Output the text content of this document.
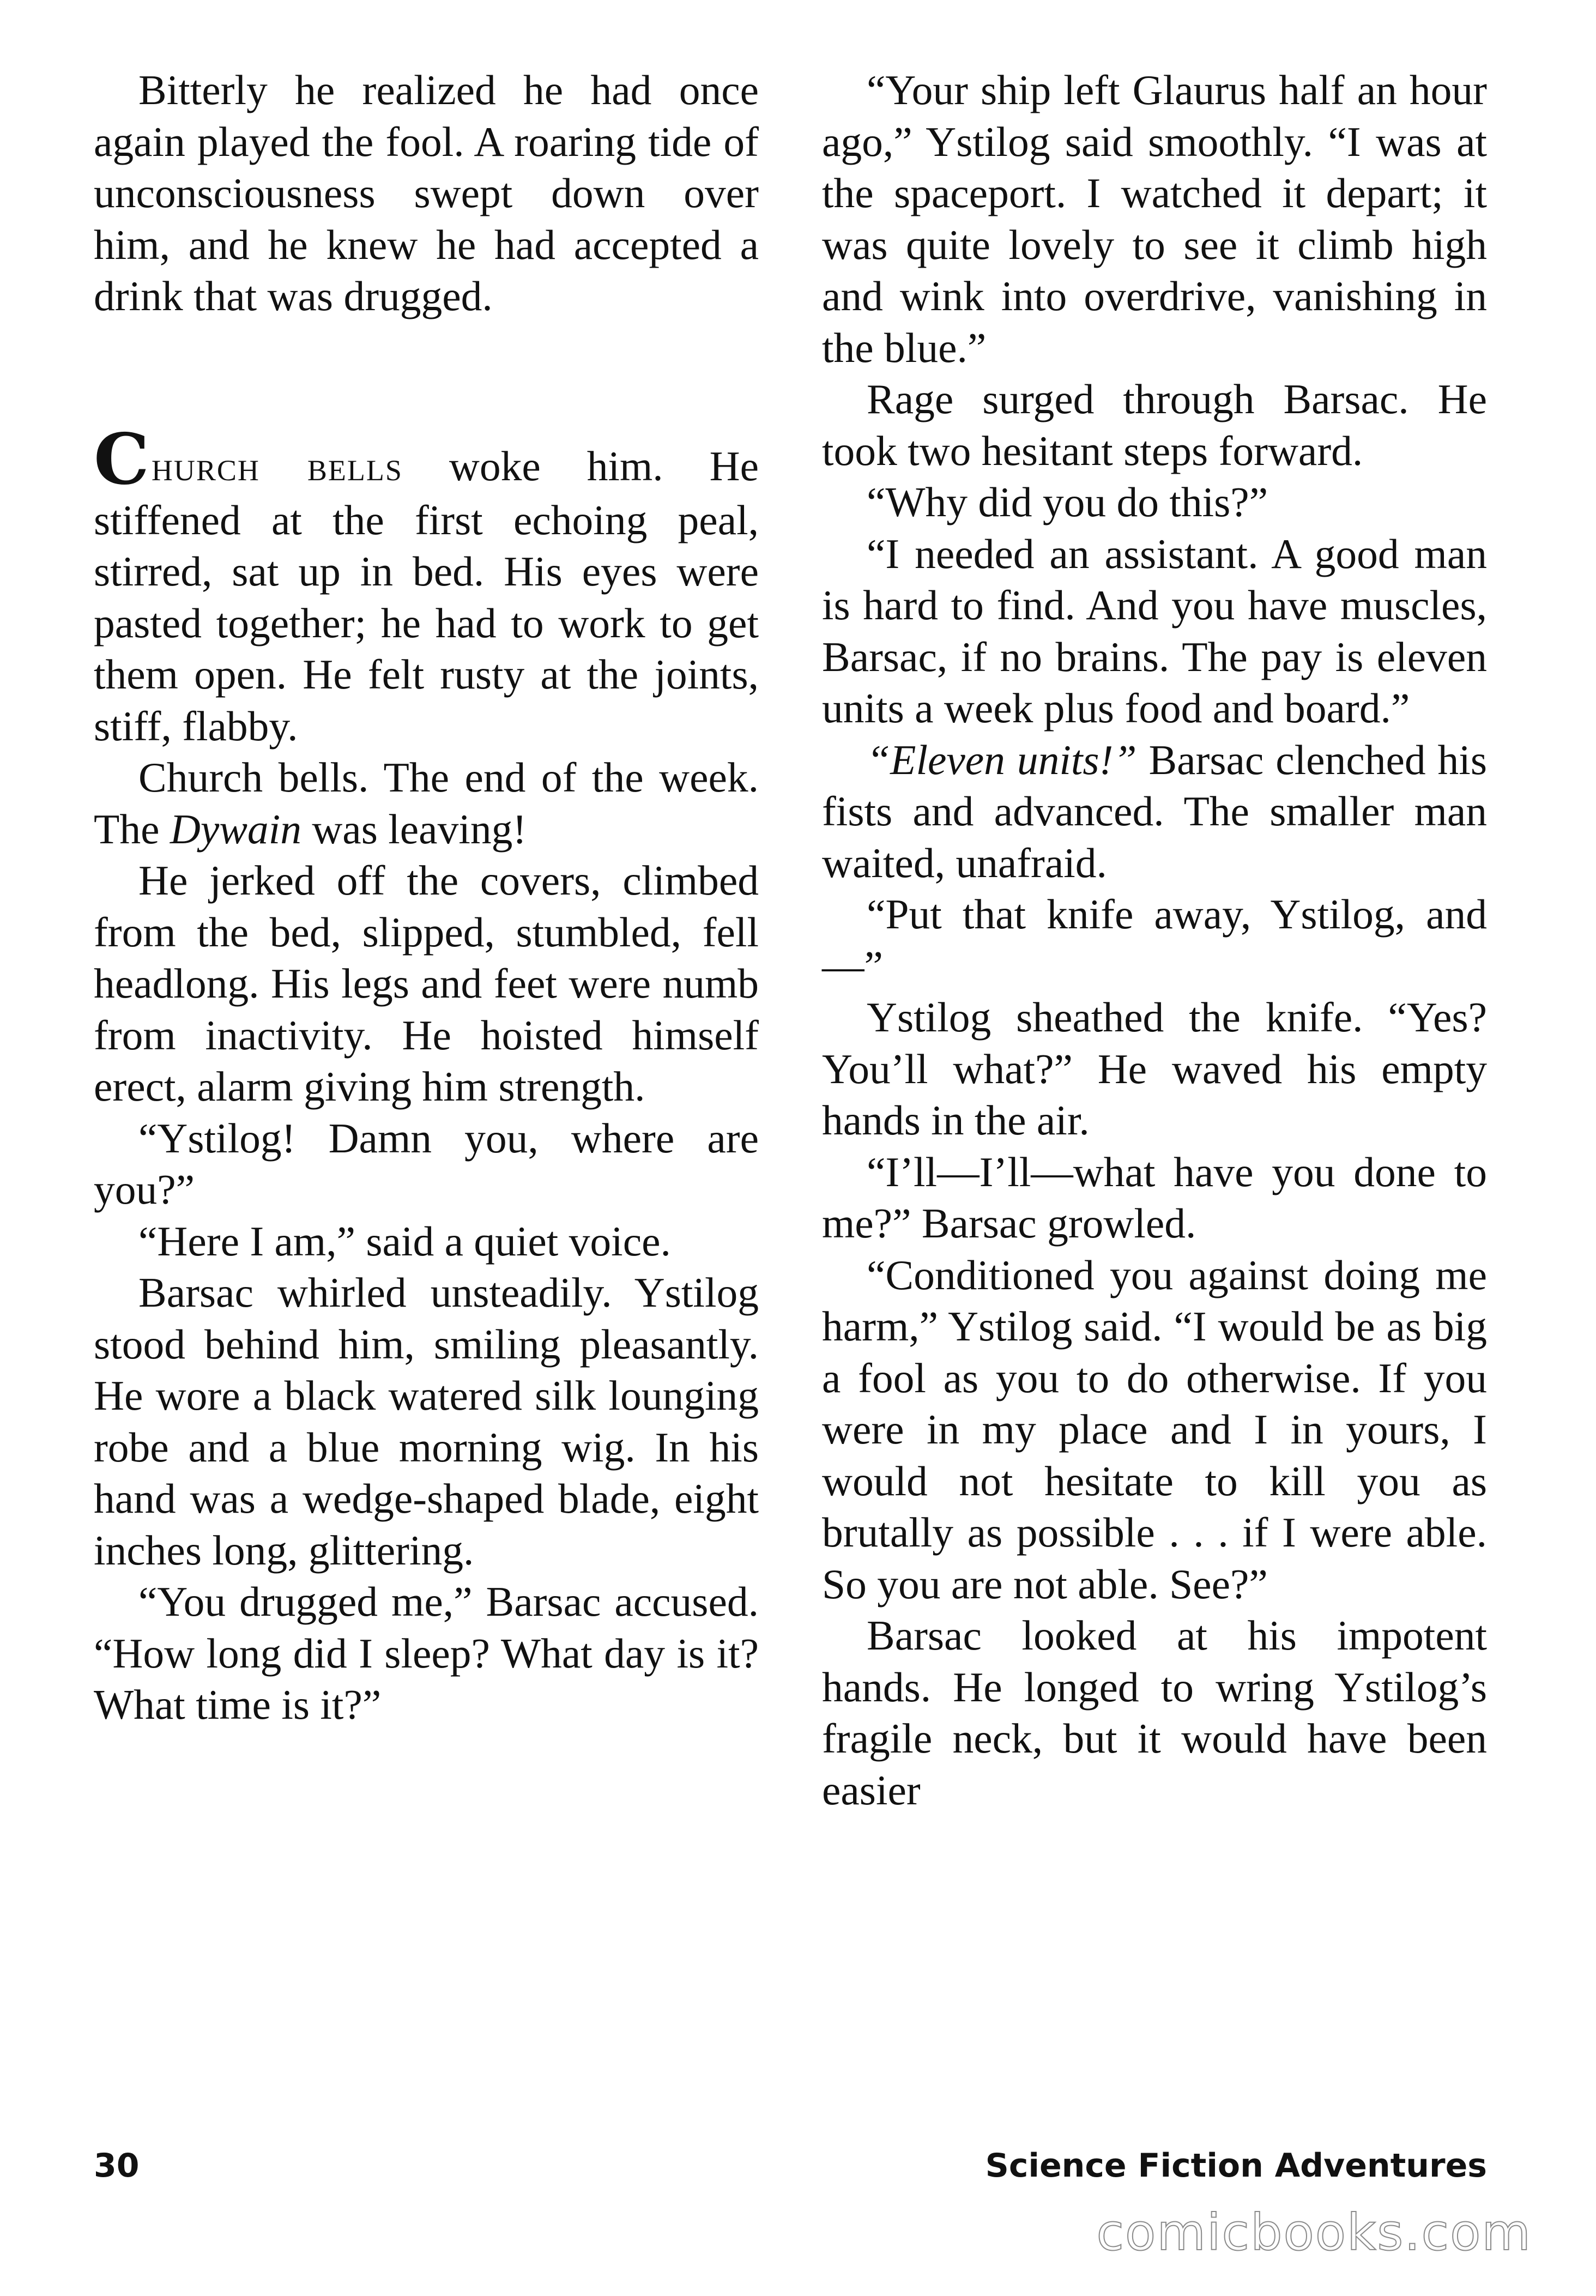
Bitterly he realized he had once again played the fool. A roaring tide of unconsciousness swept down over him, and he knew he had accepted a drink that was drugged.

Church bells woke him. He stiffened at the first echoing peal, stirred, sat up in bed. His eyes were pasted together; he had to work to get them open. He felt rusty at the joints, stiff, flabby.

Church bells. The end of the week. The Dywain was leaving!

He jerked off the covers, climbed from the bed, slipped, stumbled, fell headlong. His legs and feet were numb from inactivity. He hoisted himself erect, alarm giving him strength.

“Ystilog! Damn you, where are you?”

“Here I am,” said a quiet voice.

Barsac whirled unsteadily. Ystilog stood behind him, smiling pleasantly. He wore a black watered silk lounging robe and a blue morning wig. In his hand was a wedge-shaped blade, eight inches long, glittering.

“You drugged me,” Barsac accused. “How long did I sleep? What day is it? What time is it?”

“Your ship left Glaurus half an hour ago,” Ystilog said smoothly. “I was at the spaceport. I watched it depart; it was quite lovely to see it climb high and wink into overdrive, vanishing in the blue.”

Rage surged through Barsac. He took two hesitant steps forward.

“Why did you do this?”

“I needed an assistant. A good man is hard to find. And you have muscles, Barsac, if no brains. The pay is eleven units a week plus food and board.”

“Eleven units!” Barsac clenched his fists and advanced. The smaller man waited, unafraid.

“Put that knife away, Ystilog, and—”

Ystilog sheathed the knife. “Yes? You’ll what?” He waved his empty hands in the air.

“I’ll—I’ll—what have you done to me?” Barsac growled.

“Conditioned you against doing me harm,” Ystilog said. “I would be as big a fool as you to do otherwise. If you were in my place and I in yours, I would not hesitate to kill you as brutally as possible . . . if I were able. So you are not able. See?”

Barsac looked at his impotent hands. He longed to wring Ystilog’s fragile neck, but it would have been easier

30	Science Fiction Adventures
comicbooks.com
